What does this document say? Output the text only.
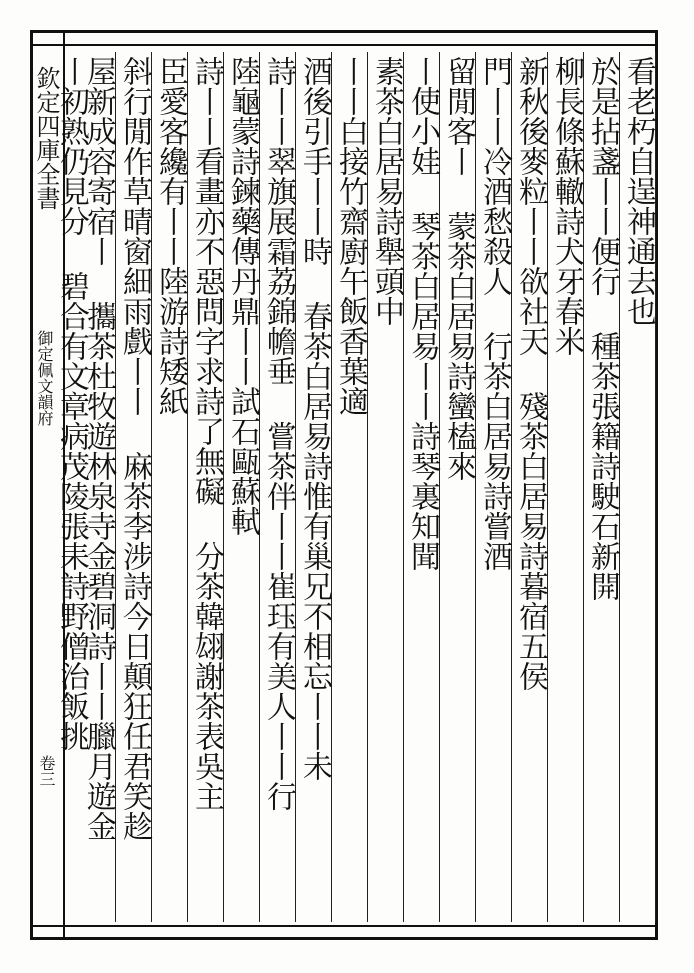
欽定四庫全書
御定佩文韻府
卷三
看老朽自逞神通去也
於是拈盞丨丨便行 種茶張籍詩駛石新開
柳長條蘇轍詩犬牙春米
新秋後麥粒丨丨欲社天 殘茶白居易詩暮宿五侯
門丨丨冷酒愁殺人 行茶白居易詩嘗酒
留閒客丨 蒙茶白居易詩蠻榼來
丨使小娃 琴茶白居易丨丨詩琴裏知聞
素茶白居易詩舉頭中
丨丨白接竹齋廚午飯香葉適
酒後引手丨丨時 春茶白居易詩惟有巢兄不相忘丨丨未
詩丨丨翠旗展霜荔錦幨垂 嘗茶伴丨丨崔珏有美人丨丨行
陸龜蒙詩鍊藥傳丹鼎丨丨試石甌蘇軾
詩丨丨看畫亦不惡問字求詩了無礙 分茶韓翃謝茶表吳主
臣愛客纔有丨丨陸游詩矮紙
斜行閒作草晴窗細雨戲丨丨 麻茶李涉詩今日顛狂任君笑趁
屋新成容寄宿丨 攜茶杜牧遊林泉寺金碧洞詩丨丨臘月遊金
丨初熟仍見分 碧合有文章病茂陵張耒詩野僧治飯挑
